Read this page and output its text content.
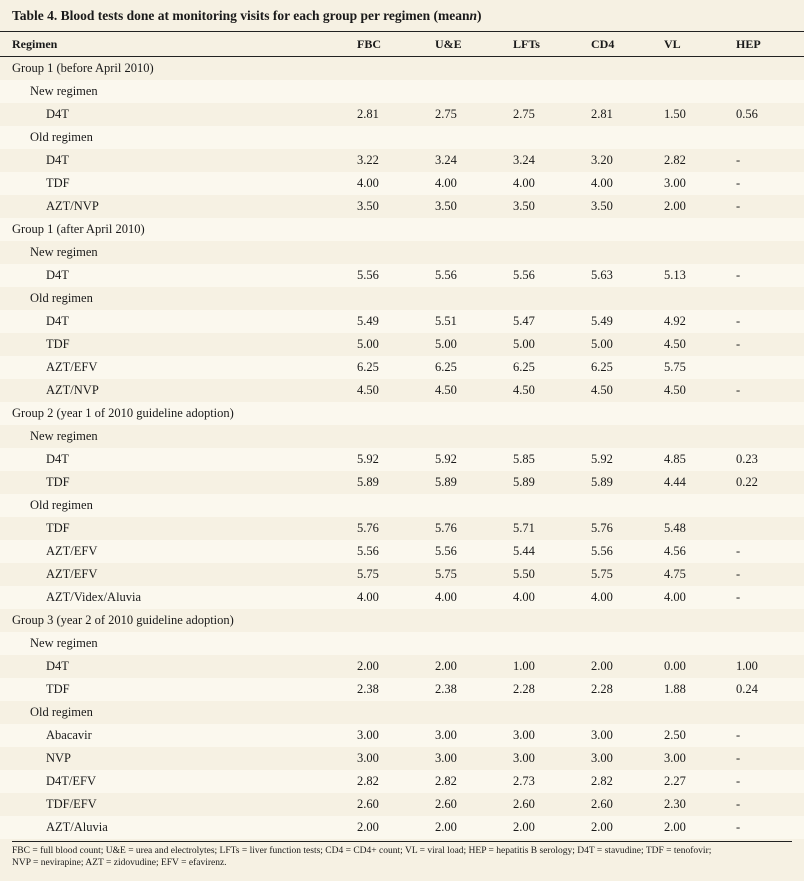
Table 4. Blood tests done at monitoring visits for each group per regimen (mean n )
Regimen	FBC	U&E	LFTs	CD4	VL	HEP
Group 1 (before April 2010)						
New regimen						
D4T	2.81	2.75	2.75	2.81	1.50	0.56
Old regimen						
D4T	3.22	3.24	3.24	3.20	2.82	-
TDF	4.00	4.00	4.00	4.00	3.00	-
AZT/NVP	3.50	3.50	3.50	3.50	2.00	-
Group 1 (after April 2010)						
New regimen						
D4T	5.56	5.56	5.56	5.63	5.13	-
Old regimen						
D4T	5.49	5.51	5.47	5.49	4.92	-
TDF	5.00	5.00	5.00	5.00	4.50	-
AZT/EFV	6.25	6.25	6.25	6.25	5.75	
AZT/NVP	4.50	4.50	4.50	4.50	4.50	-
Group 2 (year 1 of 2010 guideline adoption)						
New regimen						
D4T	5.92	5.92	5.85	5.92	4.85	0.23
TDF	5.89	5.89	5.89	5.89	4.44	0.22
Old regimen						
TDF	5.76	5.76	5.71	5.76	5.48	
AZT/EFV	5.56	5.56	5.44	5.56	4.56	-
AZT/EFV	5.75	5.75	5.50	5.75	4.75	-
AZT/Videx/Aluvia	4.00	4.00	4.00	4.00	4.00	-
Group 3 (year 2 of 2010 guideline adoption)						
New regimen						
D4T	2.00	2.00	1.00	2.00	0.00	1.00
TDF	2.38	2.38	2.28	2.28	1.88	0.24
Old regimen						
Abacavir	3.00	3.00	3.00	3.00	2.50	-
NVP	3.00	3.00	3.00	3.00	3.00	-
D4T/EFV	2.82	2.82	2.73	2.82	2.27	-
TDF/EFV	2.60	2.60	2.60	2.60	2.30	-
AZT/Aluvia	2.00	2.00	2.00	2.00	2.00	-
FBC = full blood count; U&E = urea and electrolytes; LFTs = liver function tests; CD4 = CD4+ count; VL = viral load; HEP = hepatitis B serology; D4T = stavudine; TDF = tenofovir;
NVP = nevirapine; AZT = zidovudine; EFV = efavirenz.
